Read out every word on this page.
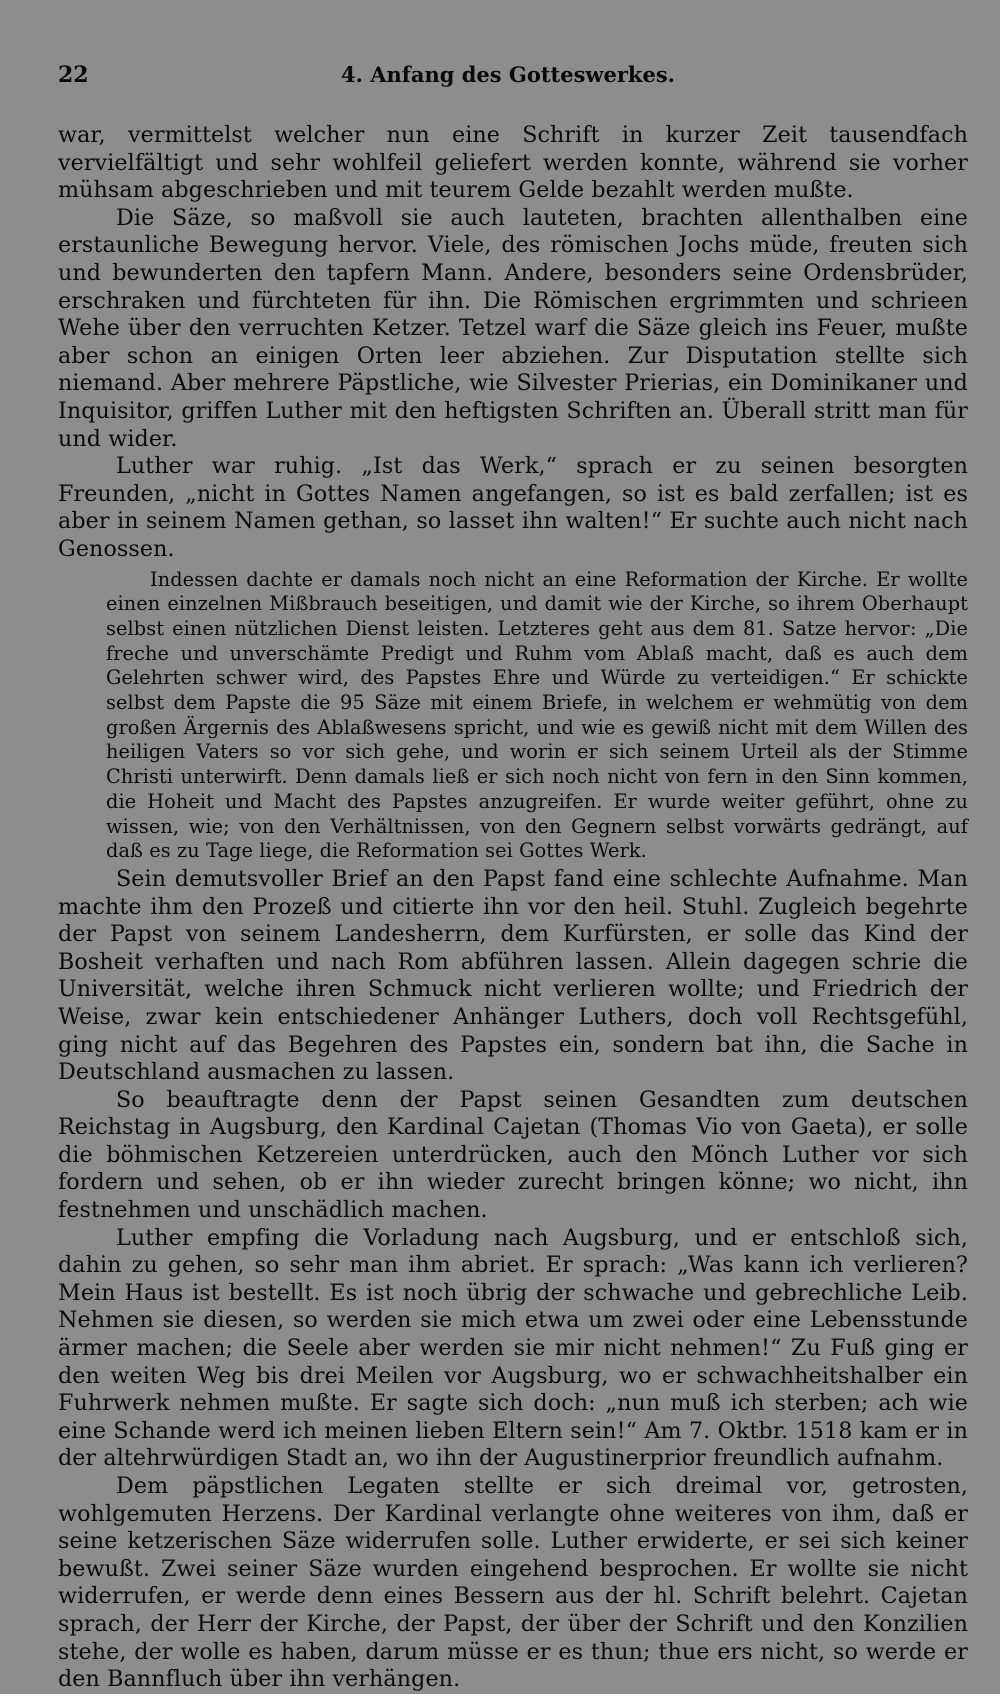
22	4. Anfang des Gotteswerkes.

war, vermittelst welcher nun eine Schrift in kurzer Zeit tausendfach vervielfältigt und sehr wohlfeil geliefert werden konnte, während sie vorher mühsam abgeschrieben und mit teurem Gelde bezahlt werden mußte.

Die Säze, so maßvoll sie auch lauteten, brachten allenthalben eine erstaunliche Bewegung hervor. Viele, des römischen Jochs müde, freuten sich und bewunderten den tapfern Mann. Andere, besonders seine Ordensbrüder, erschraken und fürchteten für ihn. Die Römischen ergrimmten und schrieen Wehe über den verruchten Ketzer. Tetzel warf die Säze gleich ins Feuer, mußte aber schon an einigen Orten leer abziehen. Zur Disputation stellte sich niemand. Aber mehrere Päpstliche, wie Silvester Prierias, ein Dominikaner und Inquisitor, griffen Luther mit den heftigsten Schriften an. Überall stritt man für und wider.

Luther war ruhig. „Ist das Werk,“ sprach er zu seinen besorgten Freunden, „nicht in Gottes Namen angefangen, so ist es bald zerfallen; ist es aber in seinem Namen gethan, so lasset ihn walten!“ Er suchte auch nicht nach Genossen.

Indessen dachte er damals noch nicht an eine Reformation der Kirche. Er wollte einen einzelnen Mißbrauch beseitigen, und damit wie der Kirche, so ihrem Oberhaupt selbst einen nützlichen Dienst leisten. Letzteres geht aus dem 81. Satze hervor: „Die freche und unverschämte Predigt und Ruhm vom Ablaß macht, daß es auch dem Gelehrten schwer wird, des Papstes Ehre und Würde zu verteidigen.“ Er schickte selbst dem Papste die 95 Säze mit einem Briefe, in welchem er wehmütig von dem großen Ärgernis des Ablaßwesens spricht, und wie es gewiß nicht mit dem Willen des heiligen Vaters so vor sich gehe, und worin er sich seinem Urteil als der Stimme Christi unterwirft. Denn damals ließ er sich noch nicht von fern in den Sinn kommen, die Hoheit und Macht des Papstes anzugreifen. Er wurde weiter geführt, ohne zu wissen, wie; von den Verhältnissen, von den Gegnern selbst vorwärts gedrängt, auf daß es zu Tage liege, die Reformation sei Gottes Werk.

Sein demutsvoller Brief an den Papst fand eine schlechte Aufnahme. Man machte ihm den Prozeß und citierte ihn vor den heil. Stuhl. Zugleich begehrte der Papst von seinem Landesherrn, dem Kurfürsten, er solle das Kind der Bosheit verhaften und nach Rom abführen lassen. Allein dagegen schrie die Universität, welche ihren Schmuck nicht verlieren wollte; und Friedrich der Weise, zwar kein entschiedener Anhänger Luthers, doch voll Rechtsgefühl, ging nicht auf das Begehren des Papstes ein, sondern bat ihn, die Sache in Deutschland ausmachen zu lassen.

So beauftragte denn der Papst seinen Gesandten zum deutschen Reichstag in Augsburg, den Kardinal Cajetan (Thomas Vio von Gaeta), er solle die böhmischen Ketzereien unterdrücken, auch den Mönch Luther vor sich fordern und sehen, ob er ihn wieder zurecht bringen könne; wo nicht, ihn festnehmen und unschädlich machen.

Luther empfing die Vorladung nach Augsburg, und er entschloß sich, dahin zu gehen, so sehr man ihm abriet. Er sprach: „Was kann ich verlieren? Mein Haus ist bestellt. Es ist noch übrig der schwache und gebrechliche Leib. Nehmen sie diesen, so werden sie mich etwa um zwei oder eine Lebensstunde ärmer machen; die Seele aber werden sie mir nicht nehmen!“ Zu Fuß ging er den weiten Weg bis drei Meilen vor Augsburg, wo er schwachheitshalber ein Fuhrwerk nehmen mußte. Er sagte sich doch: „nun muß ich sterben; ach wie eine Schande werd ich meinen lieben Eltern sein!“ Am 7. Oktbr. 1518 kam er in der altehrwürdigen Stadt an, wo ihn der Augustinerprior freundlich aufnahm.

Dem päpstlichen Legaten stellte er sich dreimal vor, getrosten, wohlgemuten Herzens. Der Kardinal verlangte ohne weiteres von ihm, daß er seine ketzerischen Säze widerrufen solle. Luther erwiderte, er sei sich keiner bewußt. Zwei seiner Säze wurden eingehend besprochen. Er wollte sie nicht widerrufen, er werde denn eines Bessern aus der hl. Schrift belehrt. Cajetan sprach, der Herr der Kirche, der Papst, der über der Schrift und den Konzilien stehe, der wolle es haben, darum müsse er es thun; thue ers nicht, so werde er den Bannfluch über ihn verhängen.
